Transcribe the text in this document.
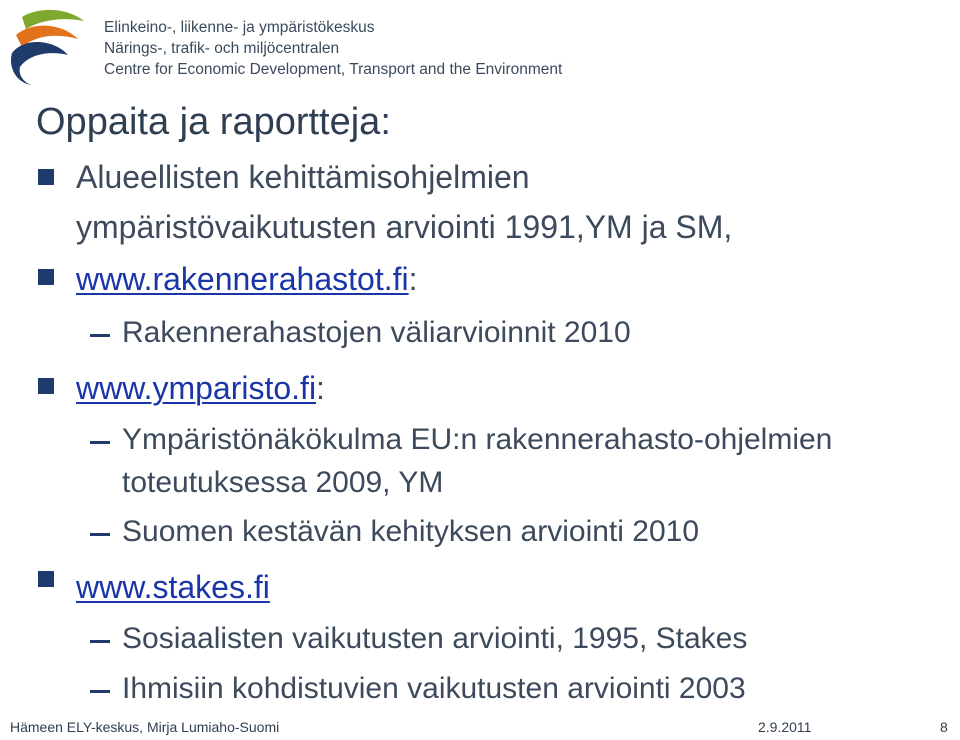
Elinkeino-, liikenne- ja ympäristökeskus
Närings-, trafik- och miljöcentralen
Centre for Economic Development, Transport and the Environment
Oppaita ja raportteja:
Alueellisten kehittämisohjelmien
ympäristövaikutusten arviointi 1991,YM ja SM,
www.rakennerahastot.fi:
Rakennerahastojen väliarvioinnit 2010
www.ymparisto.fi:
Ympäristönäkökulma EU:n rakennerahasto-ohjelmien
toteutuksessa 2009, YM
Suomen kestävän kehityksen arviointi 2010
www.stakes.fi
Sosiaalisten vaikutusten arviointi, 1995, Stakes
Ihmisiin kohdistuvien vaikutusten arviointi 2003
Hämeen ELY-keskus, Mirja Lumiaho-Suomi	2.9.2011	8
